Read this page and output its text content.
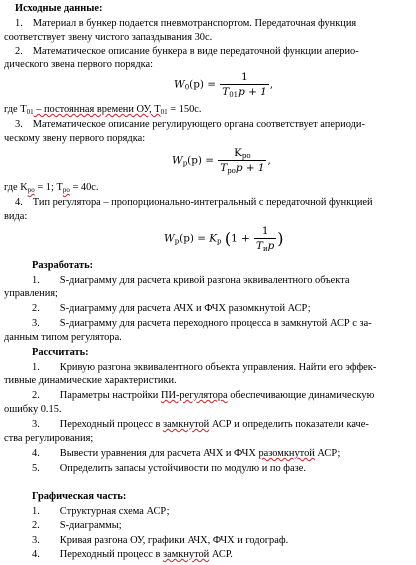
Исходные данные:
1. Материал в бункер подается пневмотранспортом. Передаточная функция
соответствует звену чистого запаздывания 30с.
2. Математическое описание бункера в виде передаточной функции аперио-
дического звена первого порядка:
$W_0(p) = \frac{1}{T_{01}p + 1}$ ,
где $T_{01}$ – постоянная времени ОУ, $T_{01} = 150с$.
3. Математическое описание регулирующего органа соответствует апериоди-
ческому звену первого порядка:
$W_р(p) = \frac{K_{ро}}{T_{ро}p + 1}$ ,
где $K_{ро} = 1$; $T_{ро} = 40с$.
4. Тип регулятора – пропорционально-интегральный с передаточной функцией
вида:
$W_р(p) = K_р$ ($1 + \frac{1}{T_иp}$ )
Разработать:
1. S-диаграмму для расчета кривой разгона эквивалентного объекта
управления;
2. S-диаграмму для расчета АЧХ и ФЧХ разомкнутой АСР;
3. S-диаграмму для расчета переходного процесса в замкнутой АСР с за-
данным типом регулятора.
Рассчитать:
1. Кривую разгона эквивалентного объекта управления. Найти его эффек-
тивные динамические характеристики.
2. Параметры настройки ПИ-регулятора обеспечивающие динамическую
ошибку 0.15.
3. Переходный процесс в замкнутой АСР и определить показатели каче-
ства регулирования;
4. Вывести уравнения для расчета АЧХ и ФЧХ разомкнутой АСР;
5. Определить запасы устойчивости по модулю и по фазе.
Графическая часть:
1. Структурная схема АСР;
2. S-диаграммы;
3. Кривая разгона ОУ, графики АЧХ, ФЧХ и годограф.
4. Переходный процесс в замкнутой АСР.
